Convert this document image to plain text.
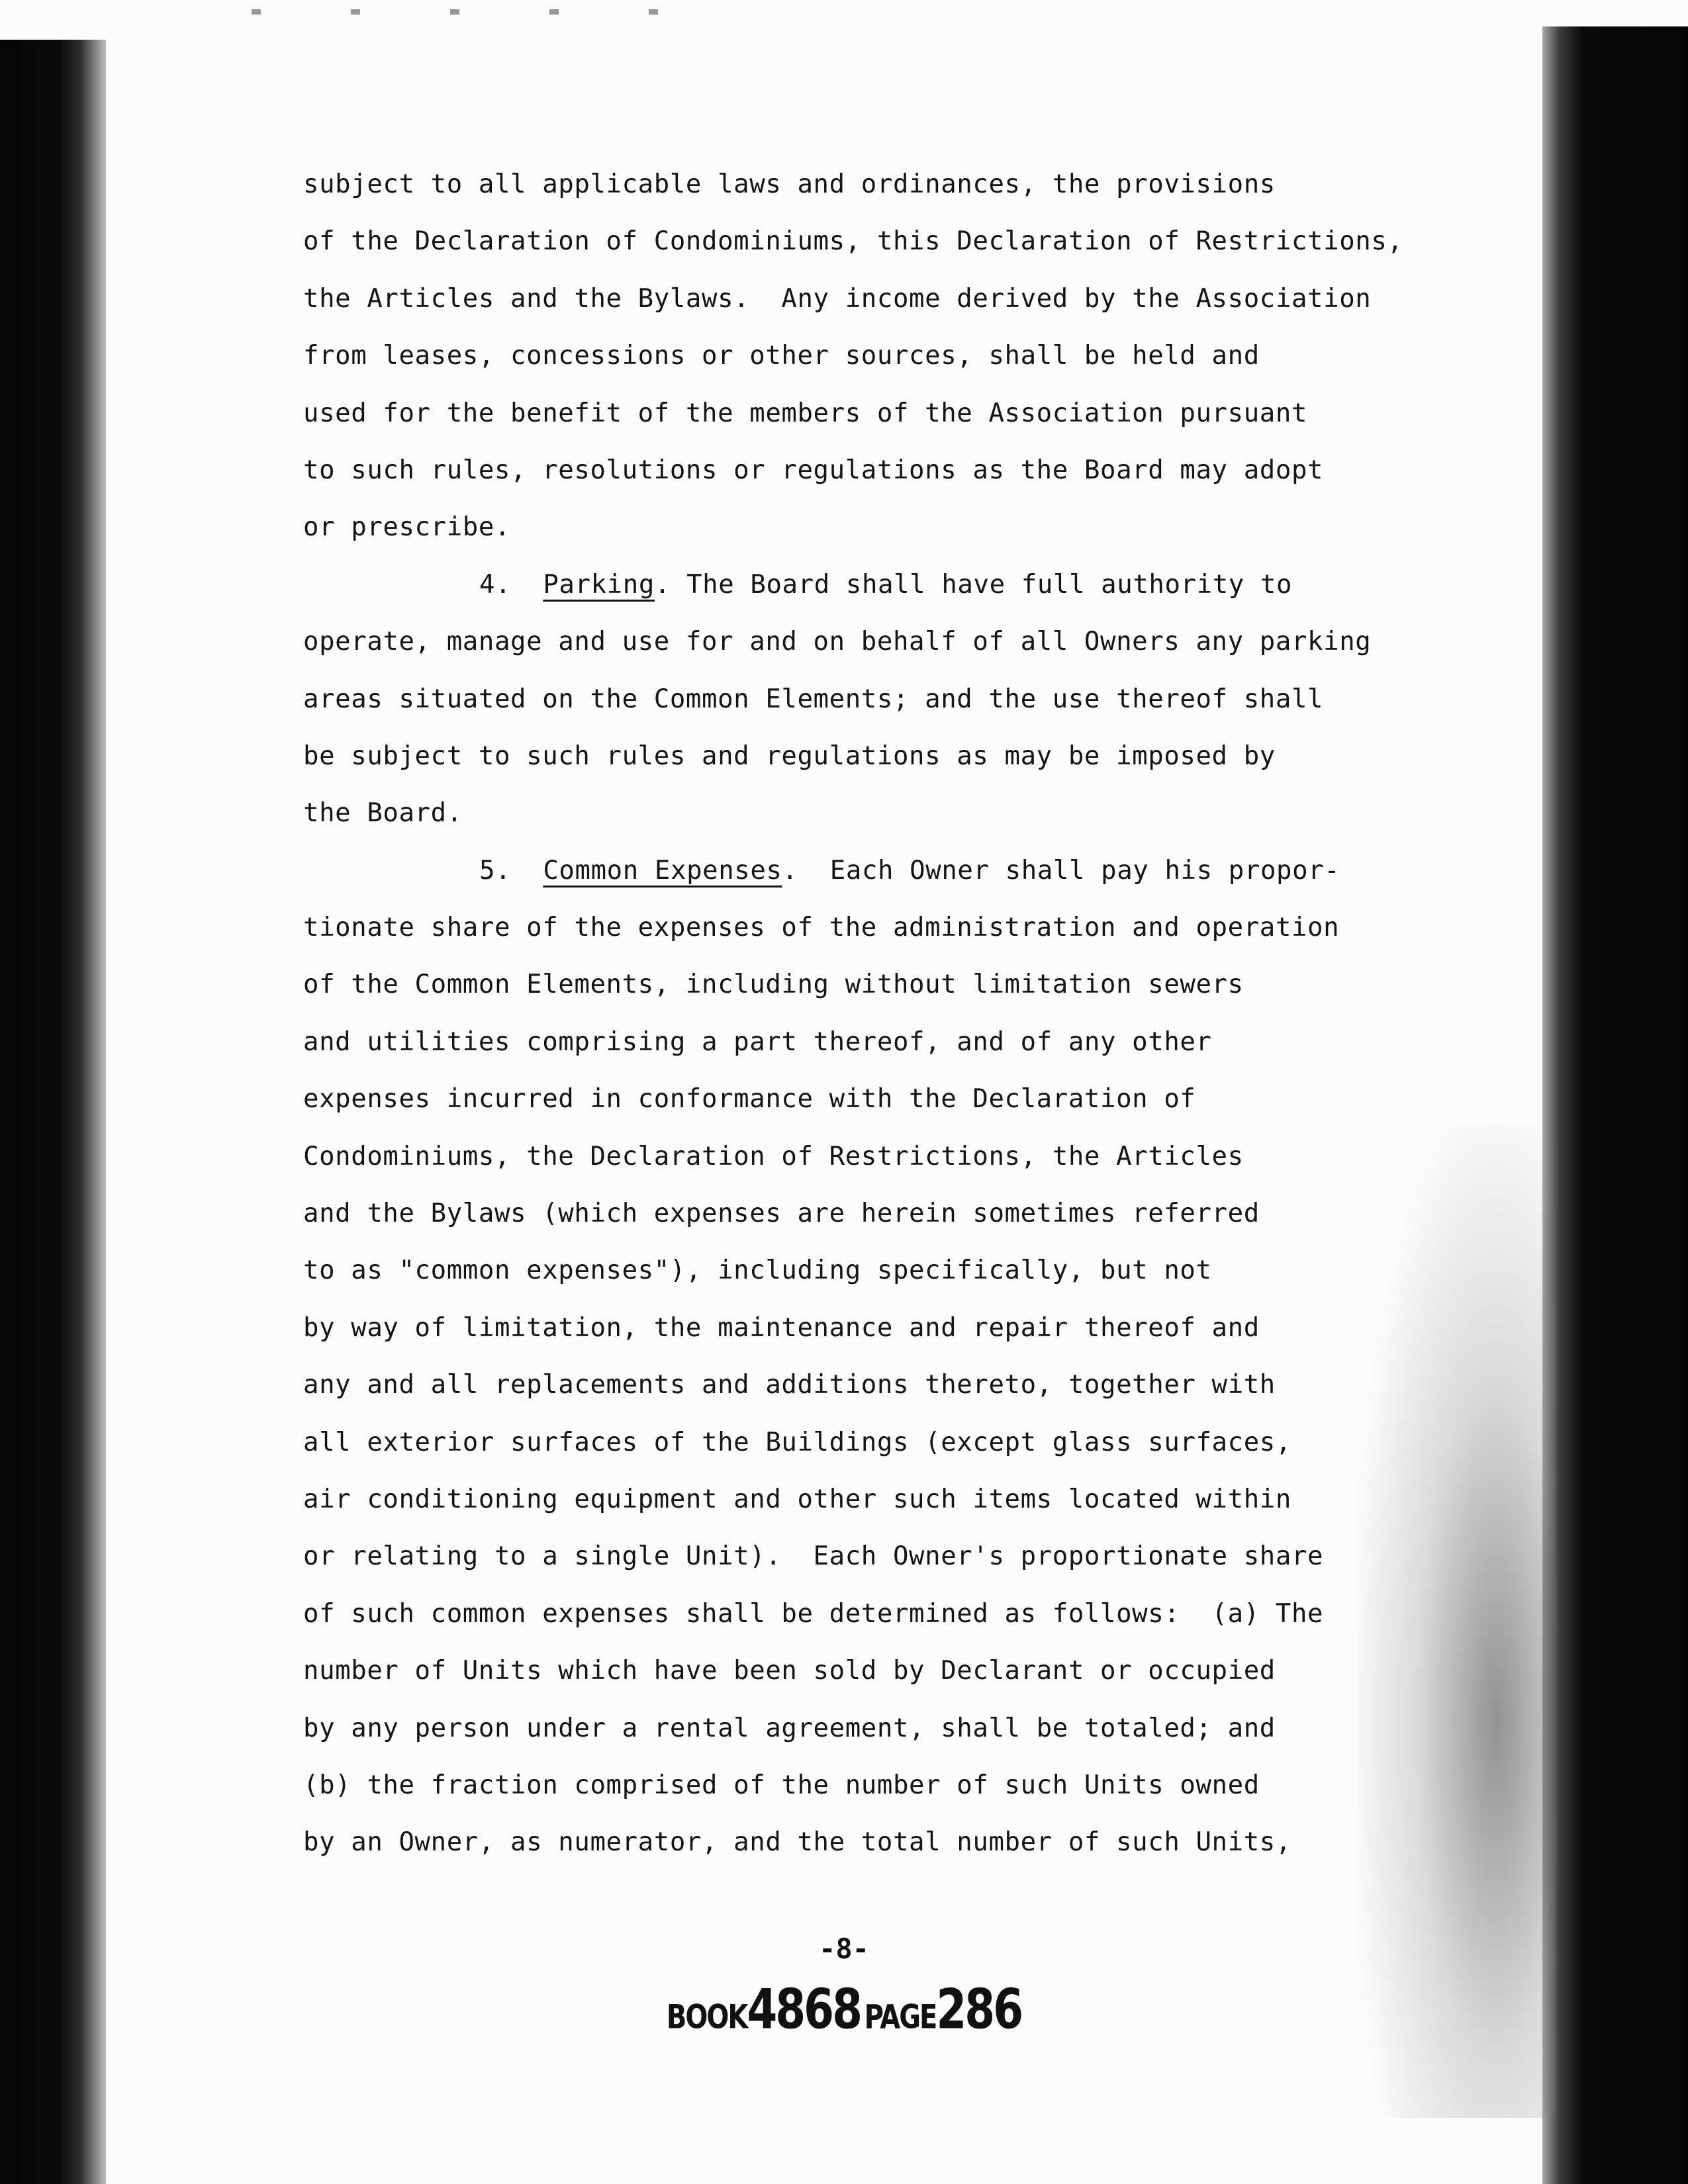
subject to all applicable laws and ordinances, the provisions
of the Declaration of Condominiums, this Declaration of Restrictions,
the Articles and the Bylaws.  Any income derived by the Association
from leases, concessions or other sources, shall be held and
used for the benefit of the members of the Association pursuant
to such rules, resolutions or regulations as the Board may adopt
or prescribe.
4. Parking. The Board shall have full authority to
operate, manage and use for and on behalf of all Owners any parking
areas situated on the Common Elements; and the use thereof shall
be subject to such rules and regulations as may be imposed by
the Board.
5. Common Expenses.  Each Owner shall pay his propor-
tionate share of the expenses of the administration and operation
of the Common Elements, including without limitation sewers
and utilities comprising a part thereof, and of any other
expenses incurred in conformance with the Declaration of
Condominiums, the Declaration of Restrictions, the Articles
and the Bylaws (which expenses are herein sometimes referred
to as "common expenses"), including specifically, but not
by way of limitation, the maintenance and repair thereof and
any and all replacements and additions thereto, together with
all exterior surfaces of the Buildings (except glass surfaces,
air conditioning equipment and other such items located within
or relating to a single Unit).  Each Owner's proportionate share
of such common expenses shall be determined as follows:  (a) The
number of Units which have been sold by Declarant or occupied
by any person under a rental agreement, shall be totaled; and
(b) the fraction comprised of the number of such Units owned
by an Owner, as numerator, and the total number of such Units,
-8-
BOOK4868 PAGE286
